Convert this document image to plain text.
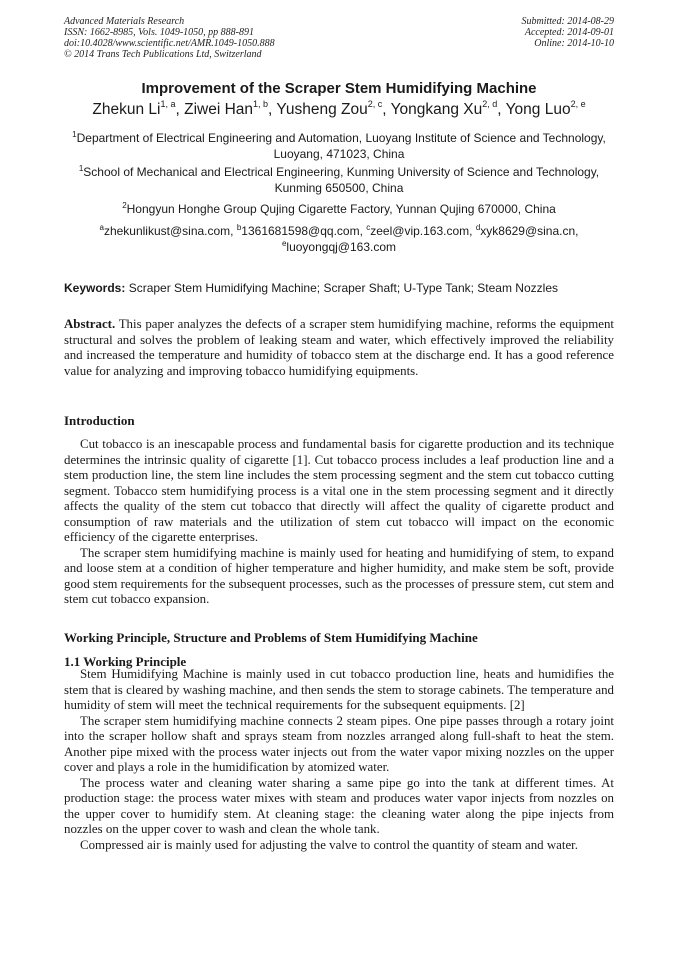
Advanced Materials Research
ISSN: 1662-8985, Vols. 1049-1050, pp 888-891
doi:10.4028/www.scientific.net/AMR.1049-1050.888
© 2014 Trans Tech Publications Ltd, Switzerland
Submitted: 2014-08-29
Accepted: 2014-09-01
Online: 2014-10-10
Improvement of the Scraper Stem Humidifying Machine
Zhekun Li$^{1, a}$, Ziwei Han$^{1, b}$, Yusheng Zou$^{2, c}$, Yongkang Xu$^{2, d}$, Yong Luo$^{2, e}$
$^1$Department of Electrical Engineering and Automation, Luoyang Institute of Science and Technology, Luoyang, 471023, China
$^1$School of Mechanical and Electrical Engineering, Kunming University of Science and Technology, Kunming 650500, China
$^2$Hongyun Honghe Group Qujing Cigarette Factory, Yunnan Qujing 670000, China
$^a$zhekunlikust@sina.com, $^b$1361681598@qq.com, $^c$zeel@vip.163.com, $^d$xyk8629@sina.cn,
$^e$luoyongqj@163.com
Keywords: Scraper Stem Humidifying Machine; Scraper Shaft; U-Type Tank; Steam Nozzles

Abstract. This paper analyzes the defects of a scraper stem humidifying machine, reforms the equipment structural and solves the problem of leaking steam and water, which effectively improved the reliability and increased the temperature and humidity of tobacco stem at the discharge end. It has a good reference value for analyzing and improving tobacco humidifying equipments.

Introduction

Cut tobacco is an inescapable process and fundamental basis for cigarette production and its technique determines the intrinsic quality of cigarette [1]. Cut tobacco process includes a leaf production line and a stem production line, the stem line includes the stem processing segment and the stem cut tobacco cutting segment. Tobacco stem humidifying process is a vital one in the stem processing segment and it directly affects the quality of the stem cut tobacco that directly will affect the quality of cigarette product and consumption of raw materials and the utilization of stem cut tobacco will impact on the economic efficiency of the cigarette enterprises.

The scraper stem humidifying machine is mainly used for heating and humidifying of stem, to expand and loose stem at a condition of higher temperature and higher humidity, and make stem be soft, provide good stem requirements for the subsequent processes, such as the processes of pressure stem, cut stem and stem cut tobacco expansion.

Working Principle, Structure and Problems of Stem Humidifying Machine
1.1 Working Principle

Stem Humidifying Machine is mainly used in cut tobacco production line, heats and humidifies the stem that is cleared by washing machine, and then sends the stem to storage cabinets. The temperature and humidity of stem will meet the technical requirements for the subsequent equipments. [2]

The scraper stem humidifying machine connects 2 steam pipes. One pipe passes through a rotary joint into the scraper hollow shaft and sprays steam from nozzles arranged along full-shaft to heat the stem. Another pipe mixed with the process water injects out from the water vapor mixing nozzles on the upper cover and plays a role in the humidification by atomized water.

The process water and cleaning water sharing a same pipe go into the tank at different times. At production stage: the process water mixes with steam and produces water vapor injects from nozzles on the upper cover to humidify stem. At cleaning stage: the cleaning water along the pipe injects from nozzles on the upper cover to wash and clean the whole tank.

Compressed air is mainly used for adjusting the valve to control the quantity of steam and water.
